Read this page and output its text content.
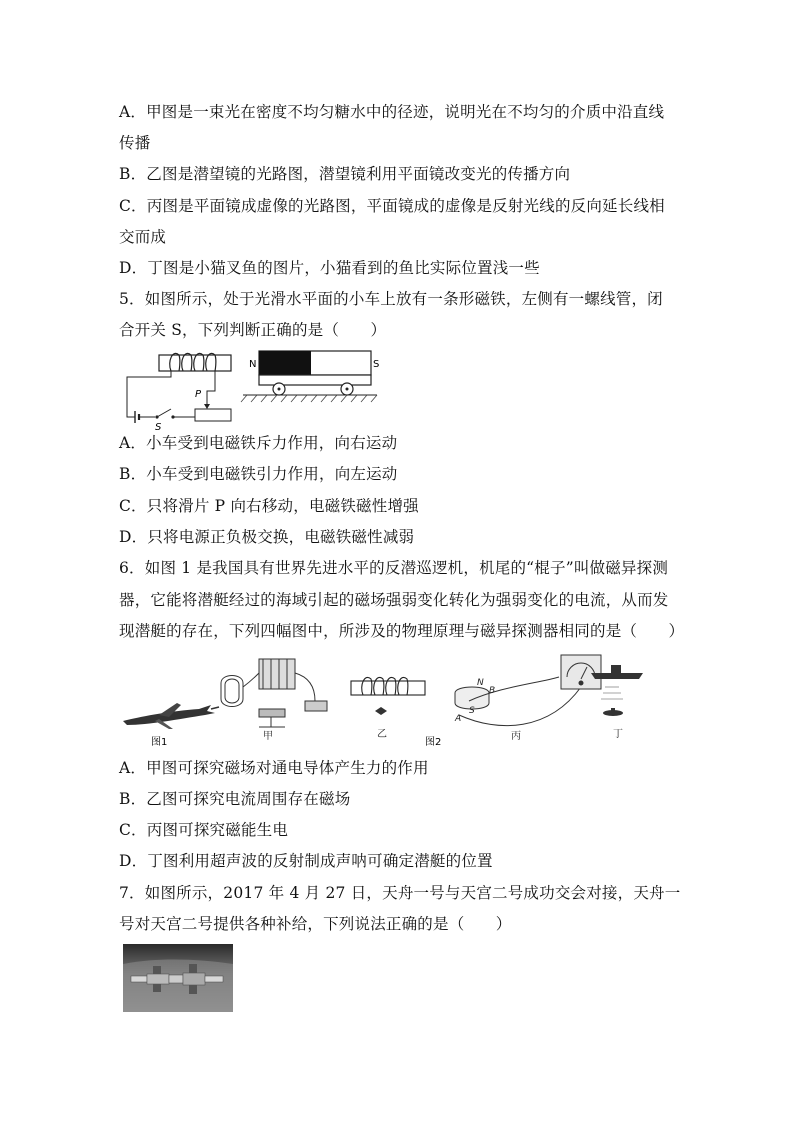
A．甲图是一束光在密度不均匀糖水中的径迹，说明光在不均匀的介质中沿直线
传播
B．乙图是潜望镜的光路图，潜望镜利用平面镜改变光的传播方向
C．丙图是平面镜成虚像的光路图，平面镜成的虚像是反射光线的反向延长线相
交而成
D．丁图是小猫叉鱼的图片，小猫看到的鱼比实际位置浅一些
5．如图所示，处于光滑水平面的小车上放有一条形磁铁，左侧有一螺线管，闭
合开关 S，下列判断正确的是（　　）
S
P
N	S
A．小车受到电磁铁斥力作用，向右运动
B．小车受到电磁铁引力作用，向左运动
C．只将滑片 P 向右移动，电磁铁磁性增强
D．只将电源正负极交换，电磁铁磁性减弱
6．如图 1 是我国具有世界先进水平的反潜巡逻机，机尾的“棍子”叫做磁异探测
器，它能将潜艇经过的海域引起的磁场强弱变化转化为强弱变化的电流，从而发
现潜艇的存在，下列四幅图中，所涉及的物理原理与磁异探测器相同的是（　　）
图1
甲	乙
N
B
A
S
图2
丙	丁
A．甲图可探究磁场对通电导体产生力的作用
B．乙图可探究电流周围存在磁场
C．丙图可探究磁能生电
D．丁图利用超声波的反射制成声呐可确定潜艇的位置
7．如图所示，2017 年 4 月 27 日，天舟一号与天宫二号成功交会对接，天舟一
号对天宫二号提供各种补给，下列说法正确的是（　　）
